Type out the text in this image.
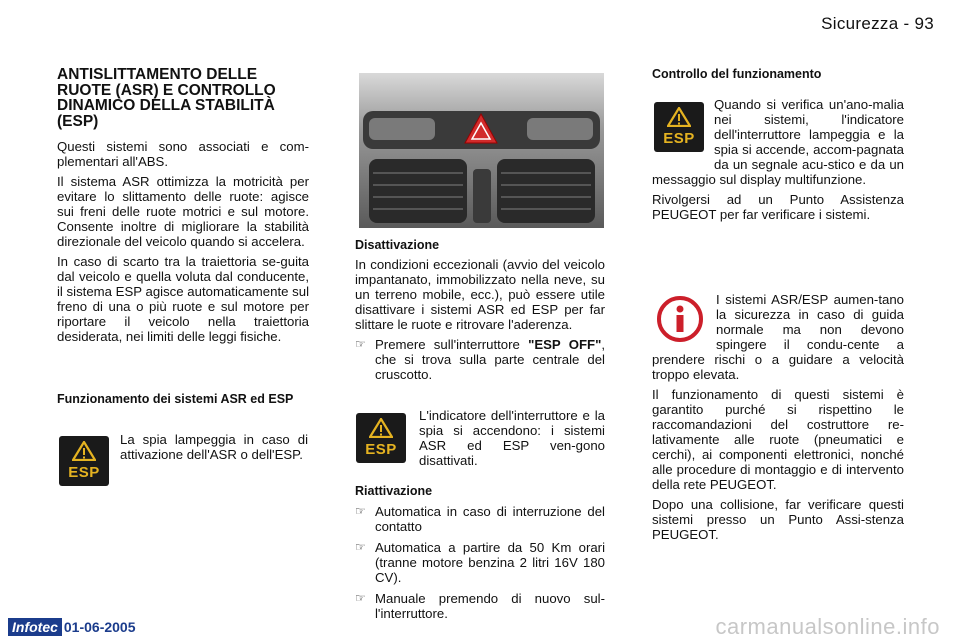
Sicurezza - 93
ANTISLITTAMENTO DELLE RUOTE (ASR) E CONTROLLO DINAMICO DELLA STABILITÀ (ESP)

Questi sistemi sono associati e com-plementari all'ABS.

Il sistema ASR ottimizza la motricità per evitare lo slittamento delle ruote: agisce sui freni delle ruote motrici e sul motore. Consente inoltre di migliorare la stabilità direzionale del veicolo quando si accelera.

In caso di scarto tra la traiettoria se-guita dal veicolo e quella voluta dal conducente, il sistema ESP agisce automaticamente sul freno di una o più ruote e sul motore per riportare il veicolo nella traiettoria desiderata, nei limiti delle leggi fisiche.

Funzionamento dei sistemi ASR ed ESP
ESP
La spia lampeggia in caso di attivazione dell'ASR o dell'ESP.
Disattivazione

In condizioni eccezionali (avvio del veicolo impantanato, immobilizzato nella neve, su un terreno mobile, ecc.), può essere utile disattivare i sistemi ASR ed ESP per far slittare le ruote e ritrovare l'aderenza.

☞ Premere sull'interruttore "ESP OFF", che si trova sulla parte centrale del cruscotto.
ESP
L'indicatore dell'interruttore e la spia si accendono: i sistemi ASR ed ESP ven-gono disattivati.
Riattivazione
☞ Automatica in caso di interruzione del contatto
☞ Automatica a partire da 50 Km orari (tranne motore benzina 2 litri 16V 180 CV).
☞ Manuale premendo di nuovo sul-l'interruttore.
Controllo del funzionamento
ESP

Quando si verifica un'ano-malia nei sistemi, l'indicatore dell'interruttore lampeggia e la spia si accende, accom-pagnata da un segnale acu-stico e da un messaggio sul display multifunzione.

Rivolgersi ad un Punto Assistenza PEUGEOT per far verificare i sistemi.

I sistemi ASR/ESP aumen-tano la sicurezza in caso di guida normale ma non devono spingere il condu-cente a prendere rischi o a guidare a velocità troppo elevata.

Il funzionamento di questi sistemi è garantito purché si rispettino le raccomandazioni del costruttore re-lativamente alle ruote (pneumatici e cerchi), ai componenti elettronici, nonché alle procedure di montaggio e di intervento della rete PEUGEOT.

Dopo una collisione, far verificare questi sistemi presso un Punto Assi-stenza PEUGEOT.

Infotec 01-06-2005	carmanualsonline.info
